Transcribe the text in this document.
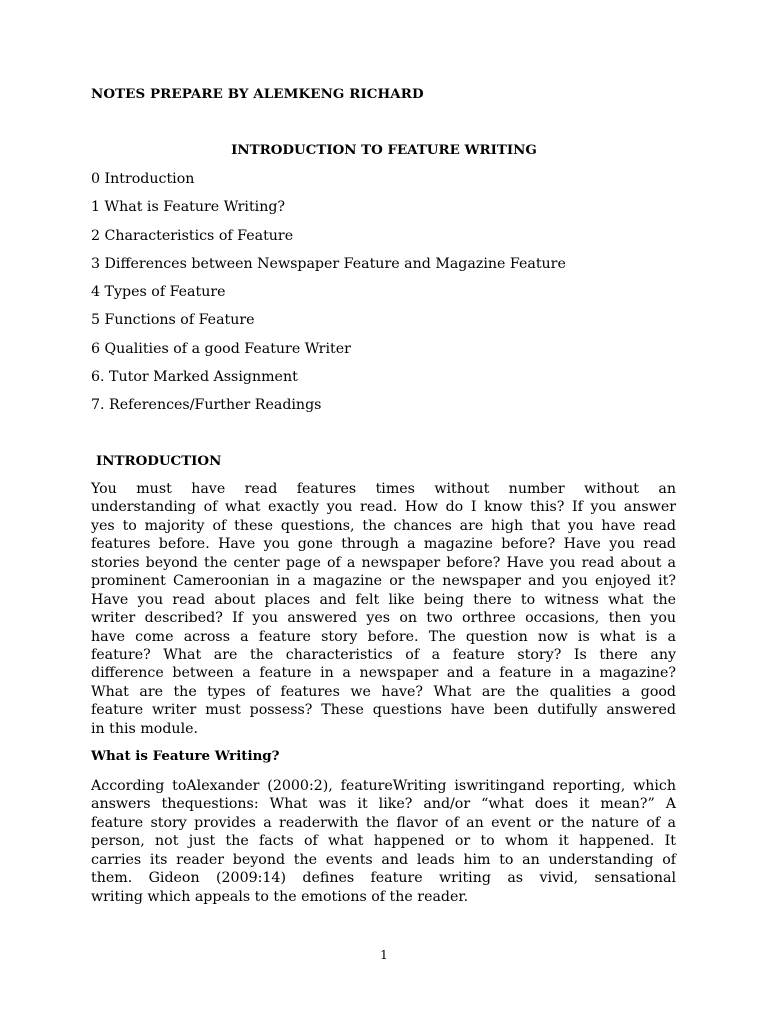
NOTES PREPARE BY ALEMKENG RICHARD
INTRODUCTION TO FEATURE WRITING
0 Introduction
1 What is Feature Writing?
2 Characteristics of Feature
3 Differences between Newspaper Feature and Magazine Feature
4 Types of Feature
5 Functions of Feature
6 Qualities of a good Feature Writer
6. Tutor Marked Assignment
7. References/Further Readings
INTRODUCTION
You must have read features times without number without an
understanding of what exactly you read. How do I know this? If you answer
yes to majority of these questions, the chances are high that you have read
features before. Have you gone through a magazine before? Have you read
stories beyond the center page of a newspaper before? Have you read about a
prominent Cameroonian in a magazine or the newspaper and you enjoyed it?
Have you read about places and felt like being there to witness what the
writer described? If you answered yes on two orthree occasions, then you
have come across a feature story before. The question now is what is a
feature? What are the characteristics of a feature story? Is there any
difference between a feature in a newspaper and a feature in a magazine?
What are the types of features we have? What are the qualities a good
feature writer must possess? These questions have been dutifully answered
in this module.
What is Feature Writing?
According toAlexander (2000:2), featureWriting iswritingand reporting, which
answers thequestions: What was it like? and/or “what does it mean?” A
feature story provides a readerwith the flavor of an event or the nature of a
person, not just the facts of what happened or to whom it happened. It
carries its reader beyond the events and leads him to an understanding of
them. Gideon (2009:14) defines feature writing as vivid, sensational
writing which appeals to the emotions of the reader.
1
